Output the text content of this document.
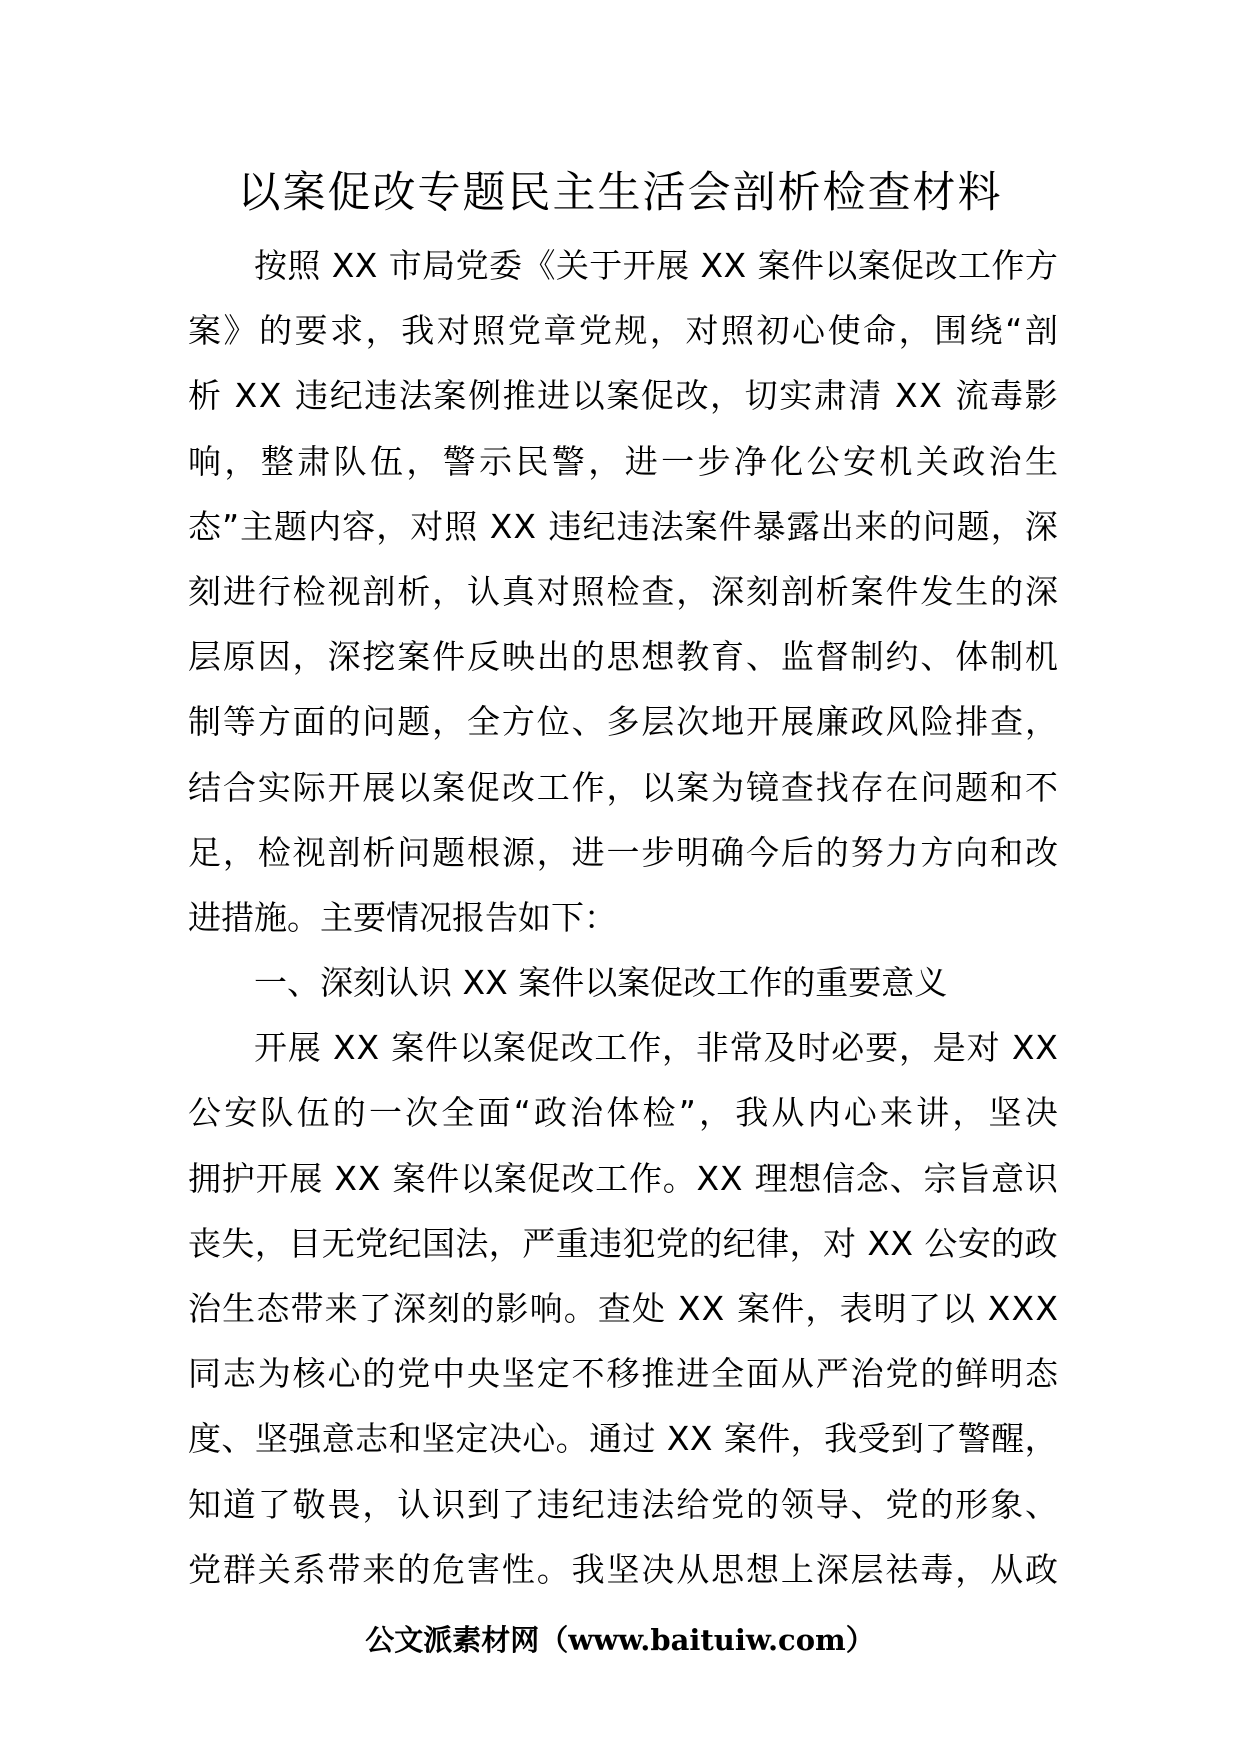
以案促改专题民主生活会剖析检查材料
按 照
X X
市 局 党 委 《 关 于 开 展
X X
案 件 以 案 促 改 工 作 方
案 》 的 要 求 ， 我 对 照 党 章 党 规 ， 对 照 初 心 使 命 ， 围 绕 “ 剖
析
X X
违 纪 违 法 案 例 推 进 以 案 促 改 ， 切 实 肃 清
X X
流 毒 影
响 ， 整 肃 队 伍 ， 警 示 民 警 ， 进 一 步 净 化 公 安 机 关 政 治 生
态 ” 主 题 内 容 ， 对 照
X X
违 纪 违 法 案 件 暴 露 出 来 的 问 题 ， 深
刻 进 行 检 视 剖 析 ， 认 真 对 照 检 查 ， 深 刻 剖 析 案 件 发 生 的 深
层 原 因 ， 深 挖 案 件 反 映 出 的 思 想 教 育 、 监 督 制 约 、 体 制 机
制 等 方 面 的 问 题 ， 全 方 位 、 多 层 次 地 开 展 廉 政 风 险 排 查 ，
结 合 实 际 开 展 以 案 促 改 工 作 ， 以 案 为 镜 查 找 存 在 问 题 和 不
足 ， 检 视 剖 析 问 题 根 源 ， 进 一 步 明 确 今 后 的 努 力 方 向 和 改
进措施。主要情况报告如下：
一、深刻认识 XX 案件以案促改工作的重要意义
开 展
X X
案 件 以 案 促 改 工 作 ， 非 常 及 时 必 要 ， 是 对
X X
公 安 队 伍 的 一 次 全 面 “ 政 治 体 检 ” ， 我 从 内 心 来 讲 ， 坚 决
拥 护 开 展
X X
案 件 以 案 促 改 工 作 。 X X
理 想 信 念 、 宗 旨 意 识
丧 失 ， 目 无 党 纪 国 法 ， 严 重 违 犯 党 的 纪 律 ， 对
X X
公 安 的 政
治 生 态 带 来 了 深 刻 的 影 响 。 查 处
X X
案 件 ， 表 明 了 以
X X X
同 志 为 核 心 的 党 中 央 坚 定 不 移 推 进 全 面 从 严 治 党 的 鲜 明 态
度 、 坚 强 意 志 和 坚 定 决 心 。 通 过
X X
案 件 ， 我 受 到 了 警 醒 ，
知 道 了 敬 畏 ， 认 识 到 了 违 纪 违 法 给 党 的 领 导 、 党 的 形 象 、
党 群 关 系 带 来 的 危 害 性 。 我 坚 决 从 思 想 上 深 层 祛 毒 ， 从 政
公文派素材网（www.baituiw.com）
